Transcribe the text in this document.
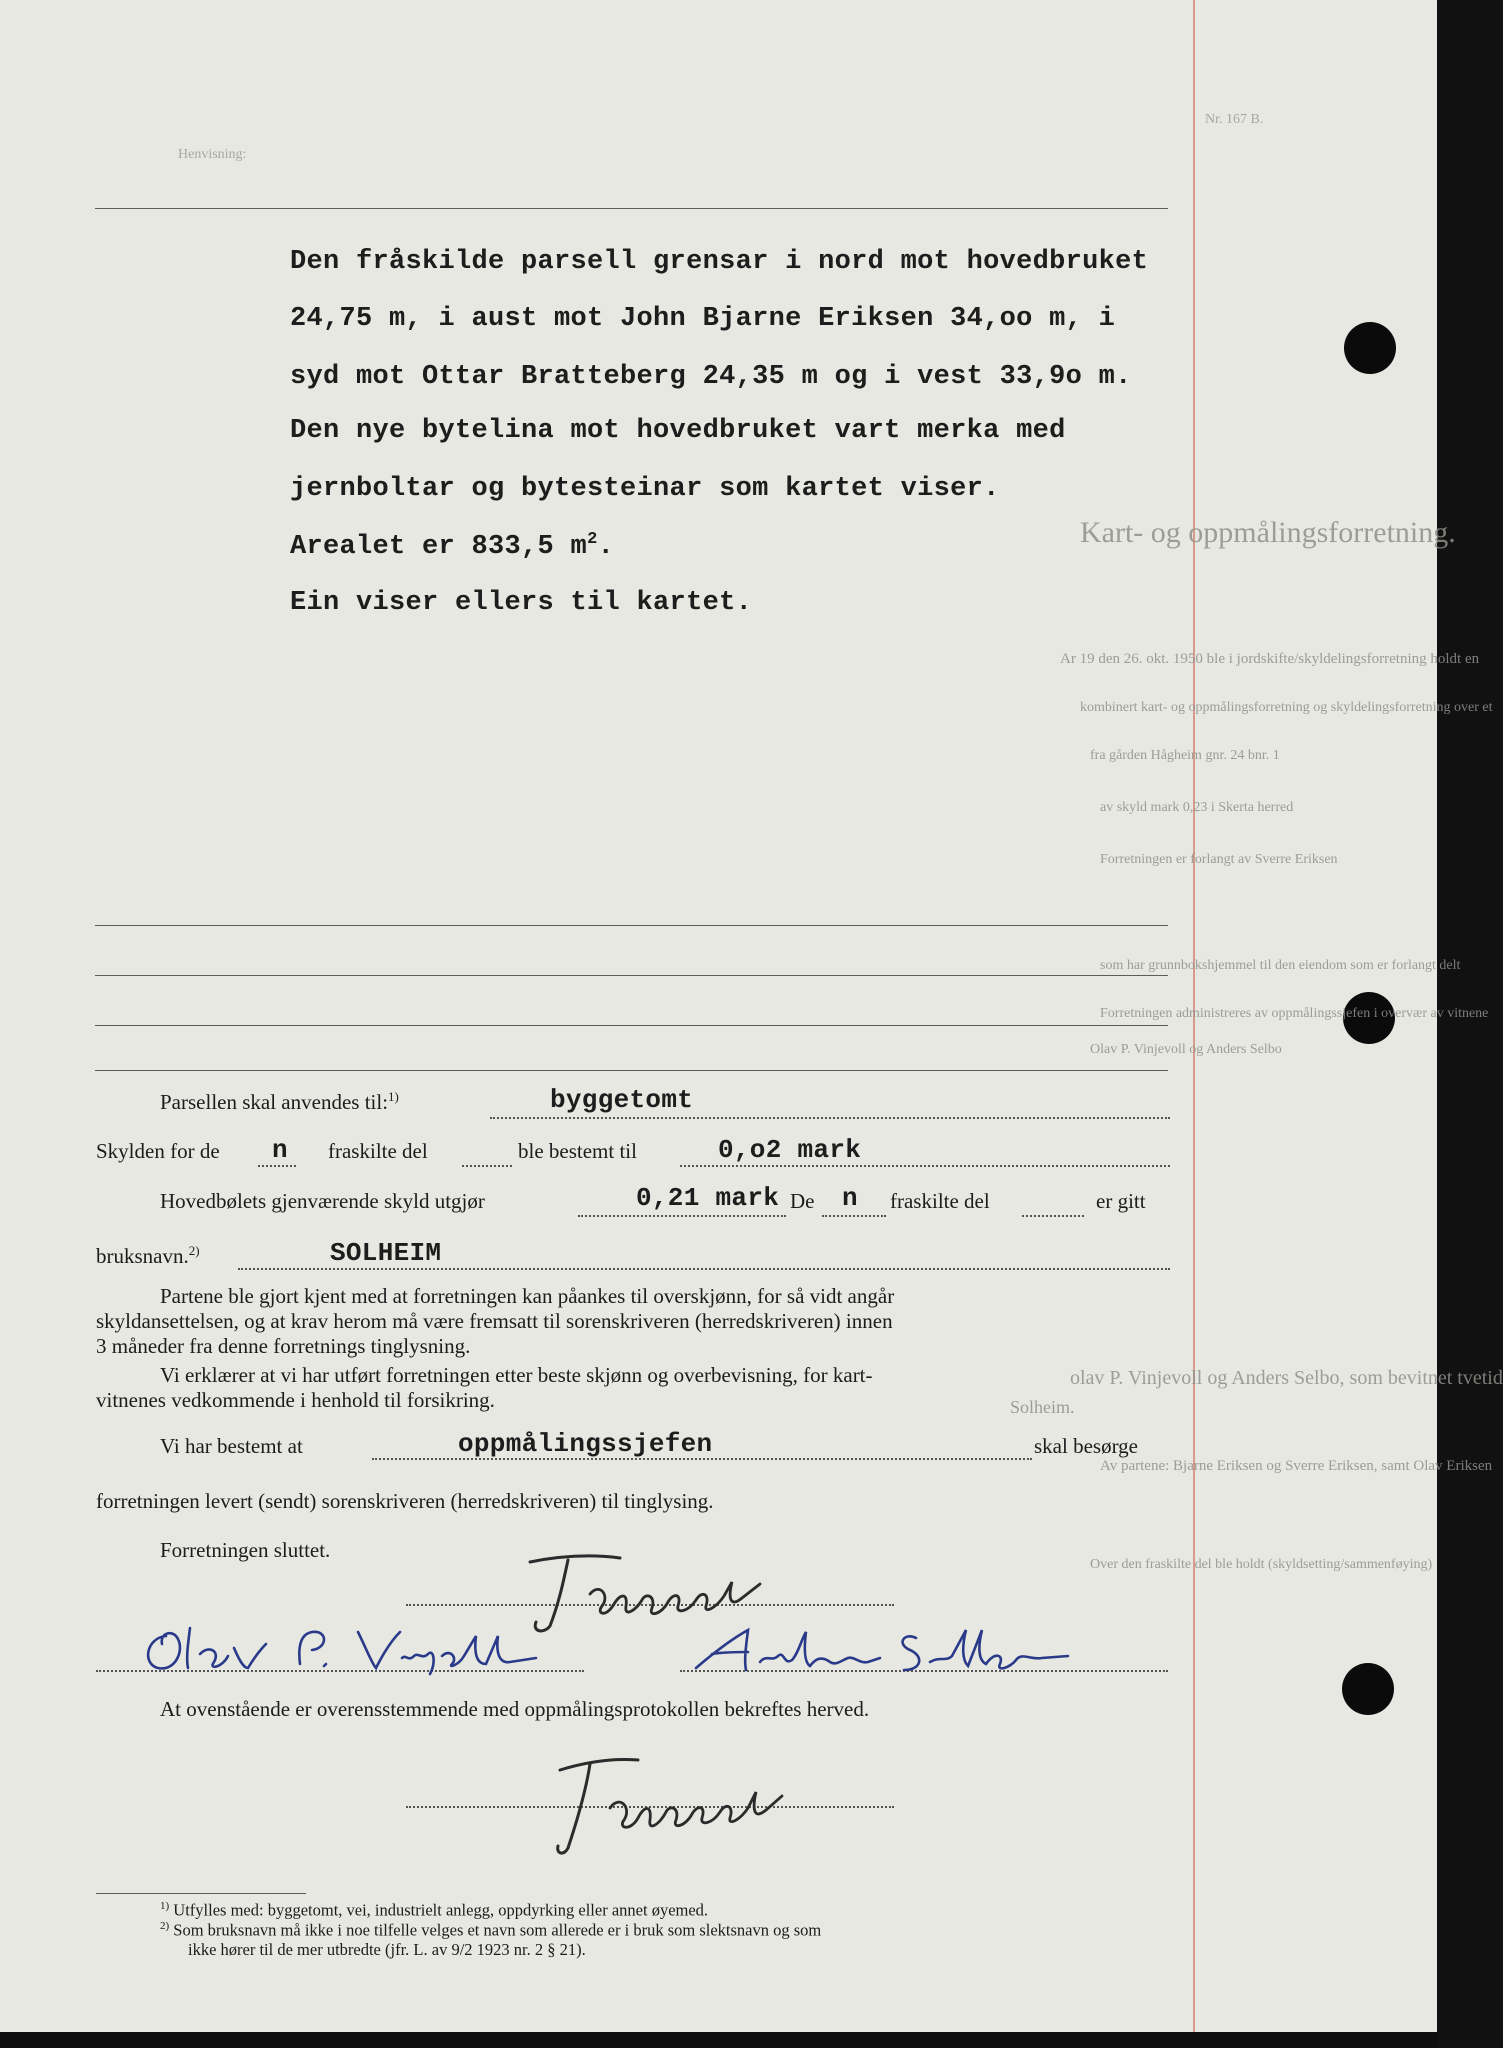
Nr. 167 B.
Henvisning:
Kart- og oppmålingsforretning.
Ar 19 den 26. okt. 1950 ble i jordskifte/skyldelingsforretning holdt en
kombinert kart- og oppmålingsforretning og skyldelingsforretning over et
fra gården Hågheim gnr. 24 bnr. 1
av skyld mark 0,23 i Skerta herred
Forretningen er forlangt av Sverre Eriksen
som har grunnbokshjemmel til den eiendom som er forlangt delt
Forretningen administreres av oppmålingssjefen i overvær av vitnene
Olav P. Vinjevoll og Anders Selbo
olav P. Vinjevoll og Anders Selbo, som bevitnet tvetid
Solheim.
Av partene: Bjarne Eriksen og Sverre Eriksen, samt Olav Eriksen
Over den fraskilte del ble holdt (skyldsetting/sammenføying)
Den fråskilde parsell grensar i nord mot hovedbruket
24,75 m, i aust mot John Bjarne Eriksen 34,oo m, i
syd mot Ottar Bratteberg 24,35 m og i vest 33,9o m.
Den nye bytelina mot hovedbruket vart merka med
jernboltar og bytesteinar som kartet viser.
Arealet er 833,5 $m^2$.
Ein viser ellers til kartet.
Parsellen skal anvendes til:$^{1)}$	byggetomt
Skylden for de n fraskilte del	ble bestemt til	0,o2 mark
Hovedbølets gjenværende skyld utgjør	0,21 mark De n fraskilte del	er gitt
bruksnavn.$^{2)}$	SOLHEIM
Partene ble gjort kjent med at forretningen kan påankes til overskjønn, for så vidt angår
skyldansettelsen, og at krav herom må være fremsatt til sorenskriveren (herredskriveren) innen
3 måneder fra denne forretnings tinglysning.
Vi erklærer at vi har utført forretningen etter beste skjønn og overbevisning, for kart-
vitnenes vedkommende i henhold til forsikring.
Vi har bestemt at	oppmålingssjefen	skal besørge
forretningen levert (sendt) sorenskriveren (herredskriveren) til tinglysing.
Forretningen sluttet.
At ovenstående er overensstemmende med oppmålingsprotokollen bekreftes herved.
$^{1)}$ Utfylles med: byggetomt, vei, industrielt anlegg, oppdyrking eller annet øyemed.
$^{2)}$ Som bruksnavn må ikke i noe tilfelle velges et navn som allerede er i bruk som slektsnavn og som
ikke hører til de mer utbredte (jfr. L. av 9/2 1923 nr. 2 § 21).
